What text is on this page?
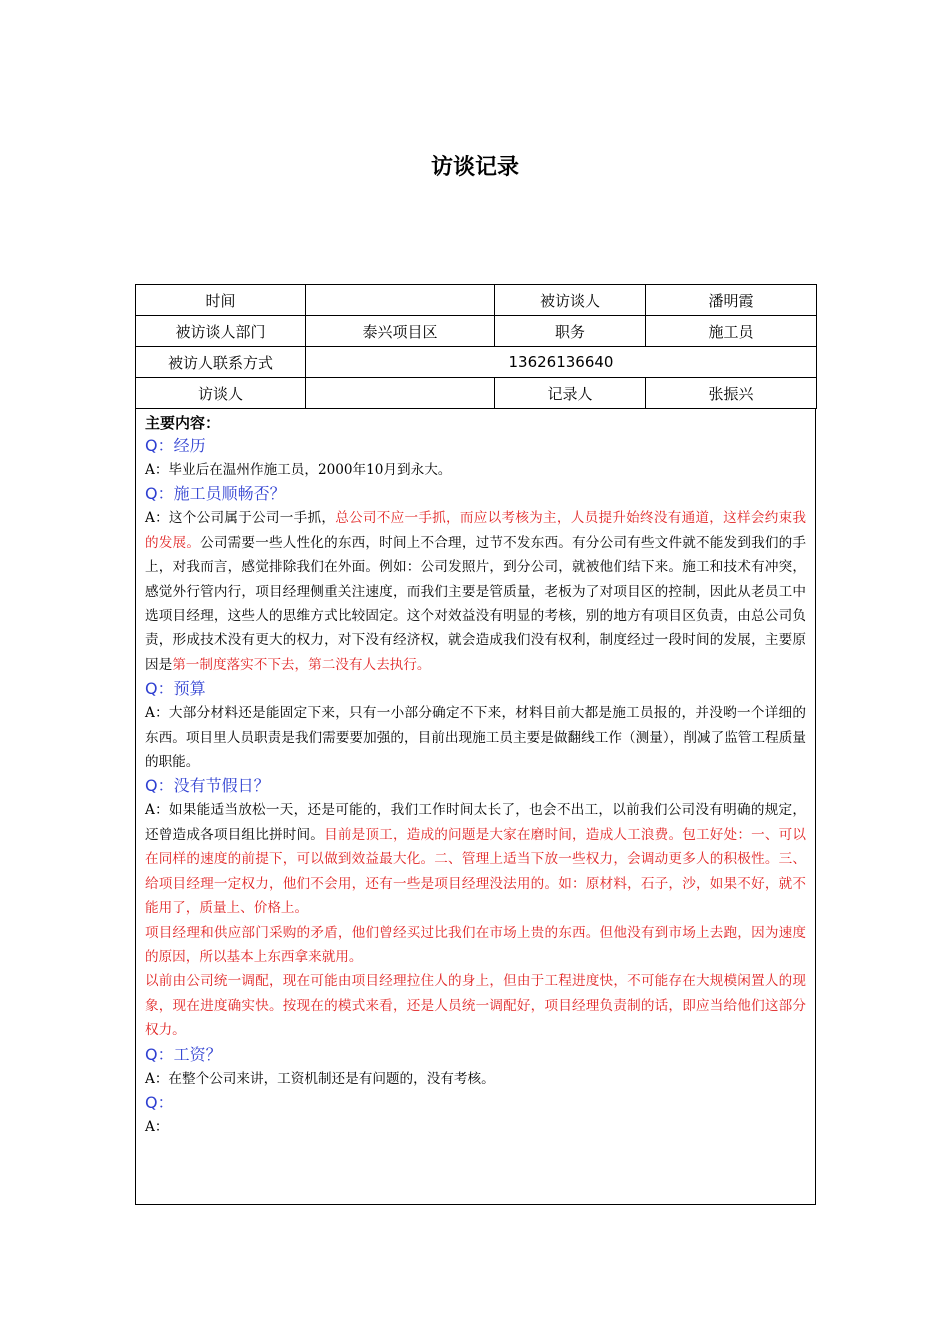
访谈记录
时间		被访谈人	潘明霞
被访谈人部门	泰兴项目区	职务	施工员
被访人联系方式	13626136640		
访谈人		记录人	张振兴
主要内容：
Q：经历

A：毕业后在温州作施工员，2000年10月到永大。

Q：施工员顺畅否？

A：这个公司属于公司一手抓，总公司不应一手抓，而应以考核为主，人员提升始终没有通道，这样会约束我的发展。公司需要一些人性化的东西，时间上不合理，过节不发东西。有分公司有些文件就不能发到我们的手上，对我而言，感觉排除我们在外面。例如：公司发照片，到分公司，就被他们结下来。施工和技术有冲突，感觉外行管内行，项目经理侧重关注速度，而我们主要是管质量，老板为了对项目区的控制，因此从老员工中选项目经理，这些人的思维方式比较固定。这个对效益没有明显的考核，别的地方有项目区负责，由总公司负责，形成技术没有更大的权力，对下没有经济权，就会造成我们没有权利，制度经过一段时间的发展，主要原因是第一制度落实不下去，第二没有人去执行。

Q：预算

A：大部分材料还是能固定下来，只有一小部分确定不下来，材料目前大都是施工员报的，并没哟一个详细的东西。项目里人员职责是我们需要要加强的，目前出现施工员主要是做翻线工作（测量），削减了监管工程质量的职能。

Q：没有节假日？

A：如果能适当放松一天，还是可能的，我们工作时间太长了，也会不出工，以前我们公司没有明确的规定，还曾造成各项目组比拼时间。目前是顶工，造成的问题是大家在磨时间，造成人工浪费。包工好处：一、可以在同样的速度的前提下，可以做到效益最大化。二、管理上适当下放一些权力，会调动更多人的积极性。三、给项目经理一定权力，他们不会用，还有一些是项目经理没法用的。如：原材料，石子，沙，如果不好，就不能用了，质量上、价格上。

项目经理和供应部门采购的矛盾，他们曾经买过比我们在市场上贵的东西。但他没有到市场上去跑，因为速度的原因，所以基本上东西拿来就用。

以前由公司统一调配，现在可能由项目经理拉住人的身上，但由于工程进度快，不可能存在大规模闲置人的现象，现在进度确实快。按现在的模式来看，还是人员统一调配好，项目经理负责制的话，即应当给他们这部分权力。

Q：工资？

A：在整个公司来讲，工资机制还是有问题的，没有考核。

Q：

A：
